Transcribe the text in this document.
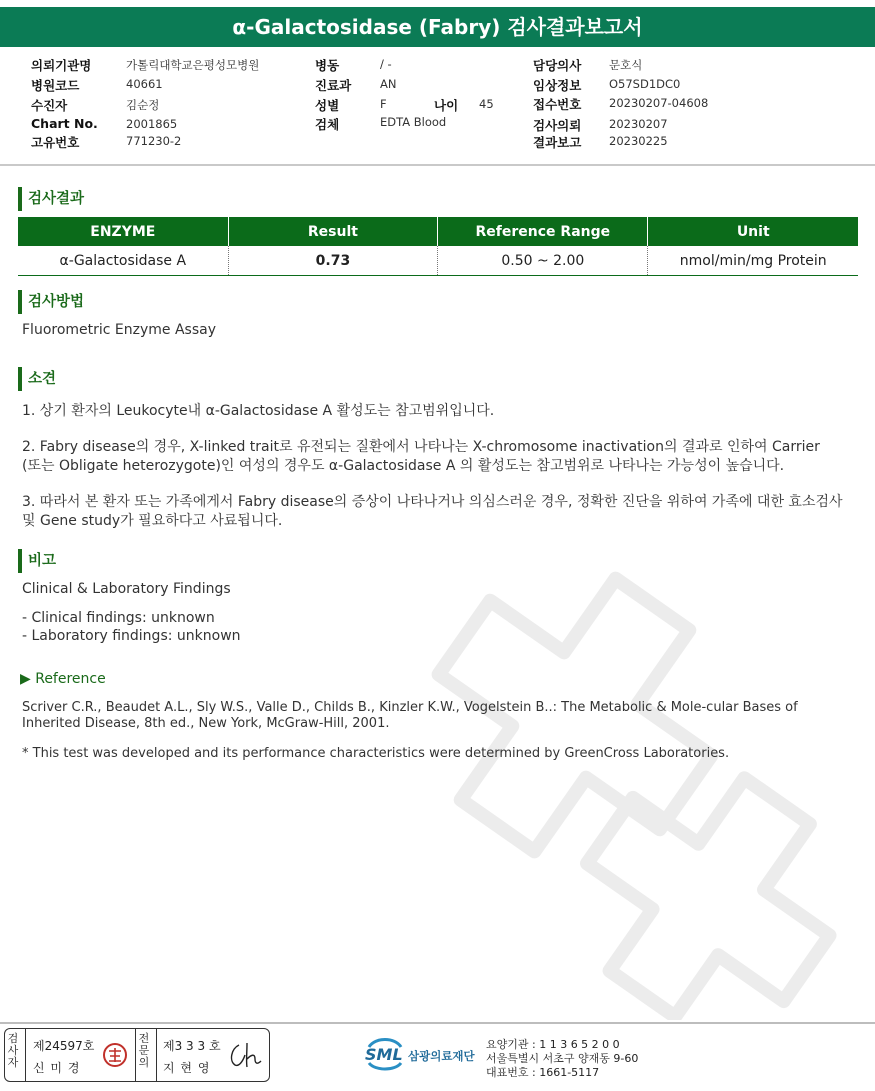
α-Galactosidase (Fabry) 검사결과보고서
의뢰기관명	가톨릭대학교은평성모병원
병원코드	40661
수진자	김순정
Chart No. 2001865
고유번호	771230-2
병동	/ -
진료과	AN
성별	F	나이 45
검체	EDTA Blood
담당의사 문호식
임상정보 O57SD1DC0
접수번호 20230207-04608
검사의뢰 20230207
결과보고 20230225
검사결과
ENZYME	Result	Reference Range	Unit
α-Galactosidase A	0.73	0.50 ~ 2.00	nmol/min/mg Protein
검사방법
Fluorometric Enzyme Assay
소견
1. 상기 환자의 Leukocyte내 α-Galactosidase A 활성도는 참고범위입니다.
2. Fabry disease의 경우, X-linked trait로 유전되는 질환에서 나타나는 X-chromosome inactivation의 결과로 인하여 Carrier
(또는 Obligate heterozygote)인 여성의 경우도 α-Galactosidase A 의 활성도는 참고범위로 나타나는 가능성이 높습니다.
3. 따라서 본 환자 또는 가족에게서 Fabry disease의 증상이 나타나거나 의심스러운 경우, 정확한 진단을 위하여 가족에 대한 효소검사
및 Gene study가 필요하다고 사료됩니다.
비고
Clinical & Laboratory Findings
- Clinical findings: unknown
- Laboratory findings: unknown
▶ Reference
Scriver C.R., Beaudet A.L., Sly W.S., Valle D., Childs B., Kinzler K.W., Vogelstein B..: The Metabolic & Mole-cular Bases of
Inherited Disease, 8th ed., New York, McGraw-Hill, 2001.
* This test was developed and its performance characteristics were determined by GreenCross Laboratories.
검사자
제24597호
신 미 경
전문의
제3 3 3 호
지 현 영
SML 삼광의료재단
요양기관 : 1 1 3 6 5 2 0 0
서울특별시 서초구 양재동 9-60
대표번호 : 1661-5117
